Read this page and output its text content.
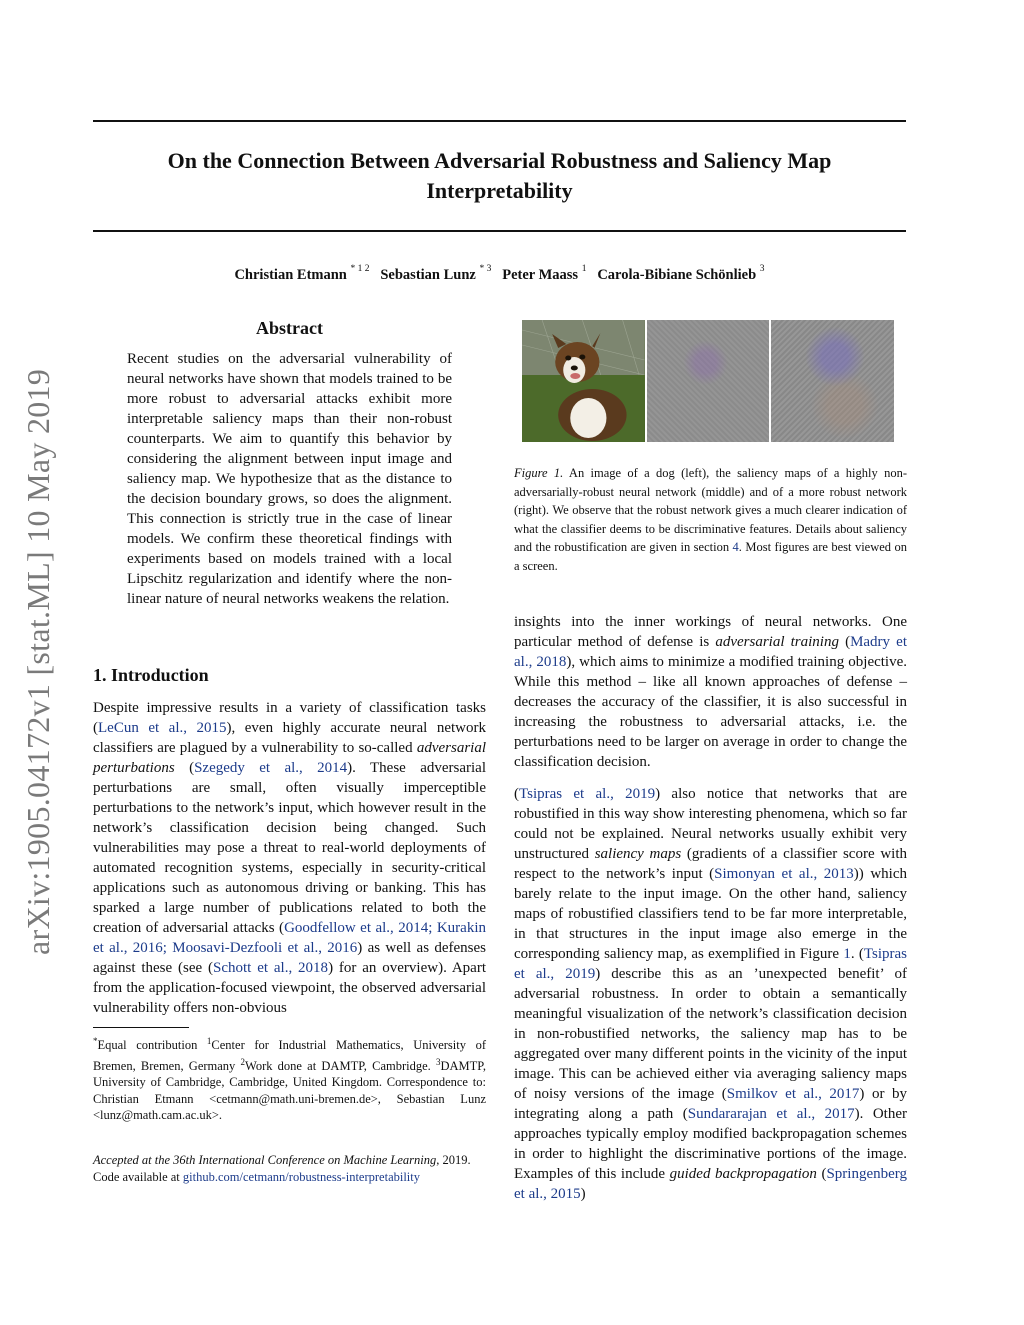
On the Connection Between Adversarial Robustness and Saliency Map Interpretability
Christian Etmann $^{* 1 2}$ Sebastian Lunz $^{* 3}$ Peter Maass $^1$ Carola-Bibiane Schönlieb $^3$
arXiv:1905.04172v1 [stat.ML] 10 May 2019
Abstract
Recent studies on the adversarial vulnerability of neural networks have shown that models trained to be more robust to adversarial attacks exhibit more interpretable saliency maps than their non-robust counterparts. We aim to quantify this behavior by considering the alignment between input image and saliency map. We hypothesize that as the distance to the decision boundary grows, so does the alignment. This connection is strictly true in the case of linear models. We confirm these theoretical findings with experiments based on models trained with a local Lipschitz regularization and identify where the non-linear nature of neural networks weakens the relation.
1. Introduction
Despite impressive results in a variety of classification tasks (LeCun et al., 2015), even highly accurate neural network classifiers are plagued by a vulnerability to so-called adversarial perturbations (Szegedy et al., 2014). These adversarial perturbations are small, often visually imperceptible perturbations to the network’s input, which however result in the network’s classification decision being changed. Such vulnerabilities may pose a threat to real-world deployments of automated recognition systems, especially in security-critical applications such as autonomous driving or banking. This has sparked a large number of publications related to both the creation of adversarial attacks (Goodfellow et al., 2014; Kurakin et al., 2016; Moosavi-Dezfooli et al., 2016) as well as defenses against these (see (Schott et al., 2018) for an overview). Apart from the application-focused viewpoint, the observed adversarial vulnerability offers non-obvious
*Equal contribution $^1$Center for Industrial Mathematics, University of Bremen, Bremen, Germany $^2$Work done at DAMTP, Cambridge. $^3$DAMTP, University of Cambridge, Cambridge, United Kingdom. Correspondence to: Christian Etmann <cetmann@math.uni-bremen.de>, Sebastian Lunz <lunz@math.cam.ac.uk>.
Accepted at the 36th International Conference on Machine Learning, 2019. Code available at github.com/cetmann/robustness-interpretability
Figure 1. An image of a dog (left), the saliency maps of a highly non-adversarially-robust neural network (middle) and of a more robust network (right). We observe that the robust network gives a much clearer indication of what the classifier deems to be discriminative features. Details about saliency and the robustification are given in section 4. Most figures are best viewed on a screen.

insights into the inner workings of neural networks. One particular method of defense is adversarial training (Madry et al., 2018), which aims to minimize a modified training objective. While this method – like all known approaches of defense – decreases the accuracy of the classifier, it is also successful in increasing the robustness to adversarial attacks, i.e. the perturbations need to be larger on average in order to change the classification decision.

(Tsipras et al., 2019) also notice that networks that are robustified in this way show interesting phenomena, which so far could not be explained. Neural networks usually exhibit very unstructured saliency maps (gradients of a classifier score with respect to the network’s input (Simonyan et al., 2013)) which barely relate to the input image. On the other hand, saliency maps of robustified classifiers tend to be far more interpretable, in that structures in the input image also emerge in the corresponding saliency map, as exemplified in Figure 1. (Tsipras et al., 2019) describe this as an ’unexpected benefit’ of adversarial robustness. In order to obtain a semantically meaningful visualization of the network’s classification decision in non-robustified networks, the saliency map has to be aggregated over many different points in the vicinity of the input image. This can be achieved either via averaging saliency maps of noisy versions of the image (Smilkov et al., 2017) or by integrating along a path (Sundararajan et al., 2017). Other approaches typically employ modified backpropagation schemes in order to highlight the discriminative portions of the image. Examples of this include guided backpropagation (Springenberg et al., 2015)
